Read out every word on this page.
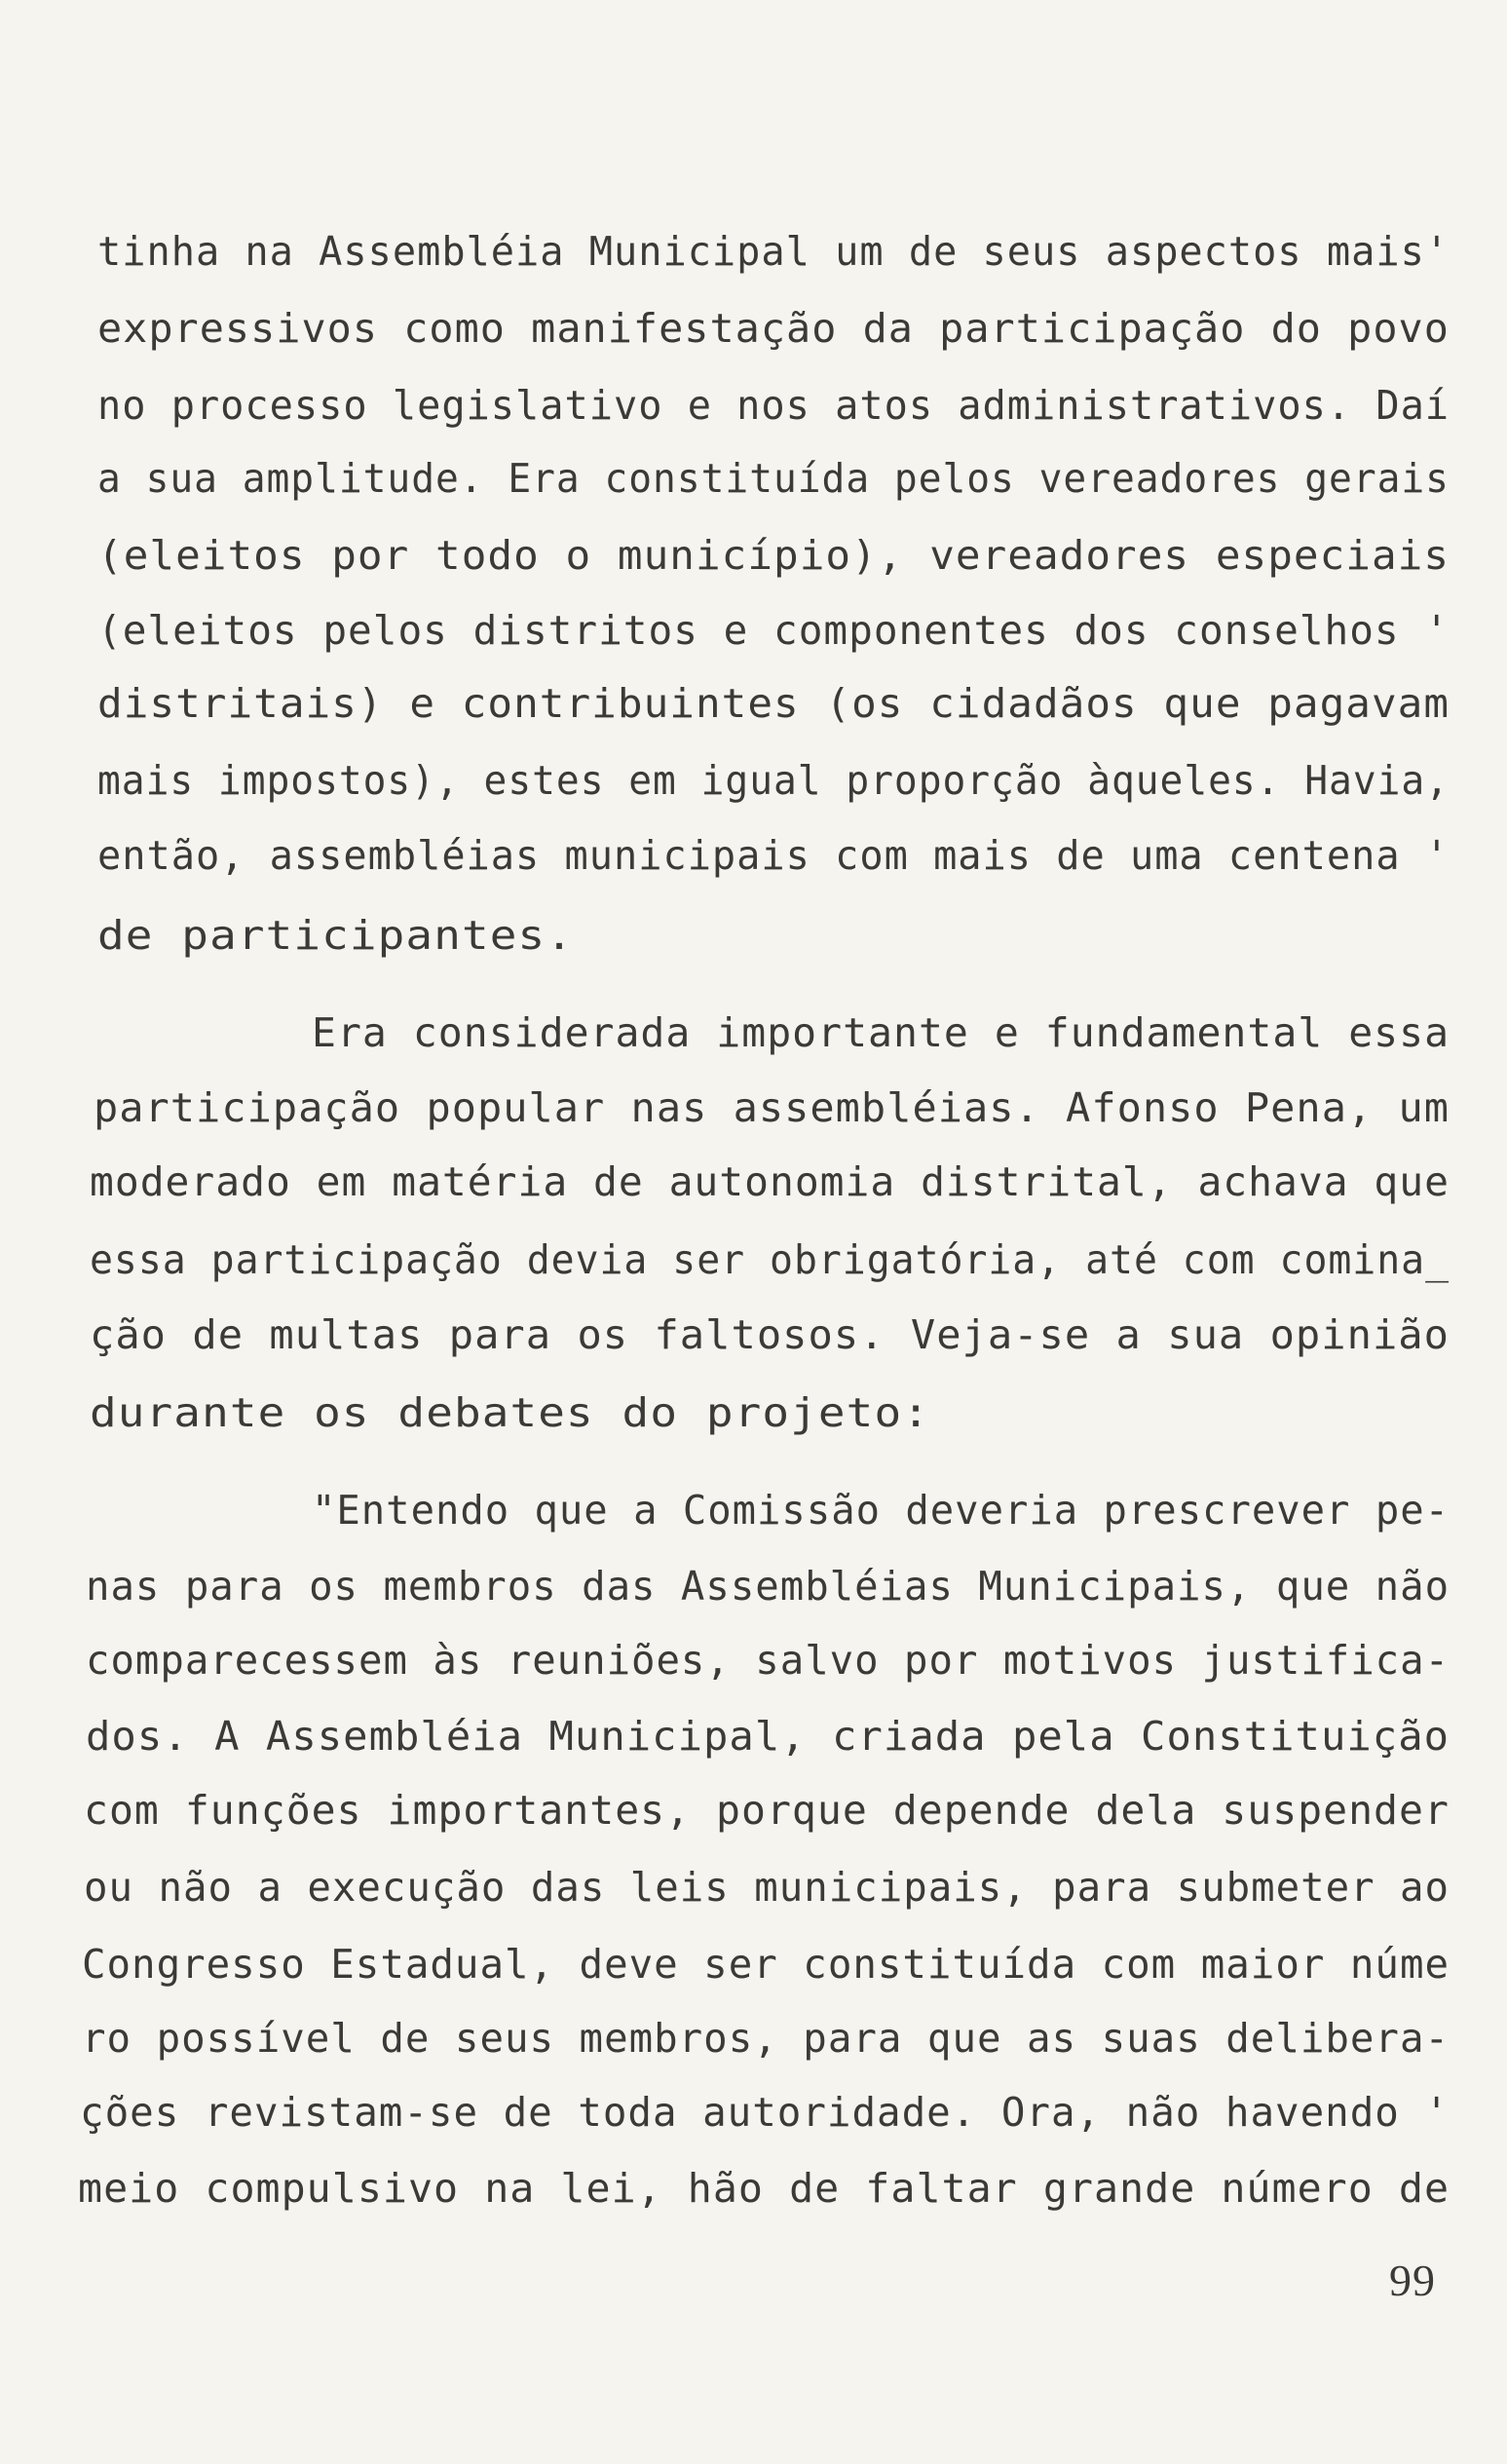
tinha na Assembléia Municipal um de seus aspectos mais'

expressivos como manifestação da participação do povo

no processo legislativo e nos atos administrativos. Daí

a sua amplitude. Era constituída pelos vereadores gerais

(eleitos por todo o município), vereadores especiais

(eleitos pelos distritos e componentes dos conselhos '

distritais) e contribuintes (os cidadãos que pagavam

mais impostos), estes em igual proporção àqueles. Havia,

então, assembléias municipais com mais de uma centena '

de participantes.

Era considerada importante e fundamental essa

participação popular nas assembléias. Afonso Pena, um

moderado em matéria de autonomia distrital, achava que

essa participação devia ser obrigatória, até com comina_

ção de multas para os faltosos. Veja-se a sua opinião

durante os debates do projeto:

"Entendo que a Comissão deveria prescrever pe-

nas para os membros das Assembléias Municipais, que não

comparecessem às reuniões, salvo por motivos justifica-

dos. A Assembléia Municipal, criada pela Constituição

com funções importantes, porque depende dela suspender

ou não a execução das leis municipais, para submeter ao

Congresso Estadual, deve ser constituída com maior núme

ro possível de seus membros, para que as suas delibera-

ções revistam-se de toda autoridade. Ora, não havendo '

meio compulsivo na lei, hão de faltar grande número de

99
